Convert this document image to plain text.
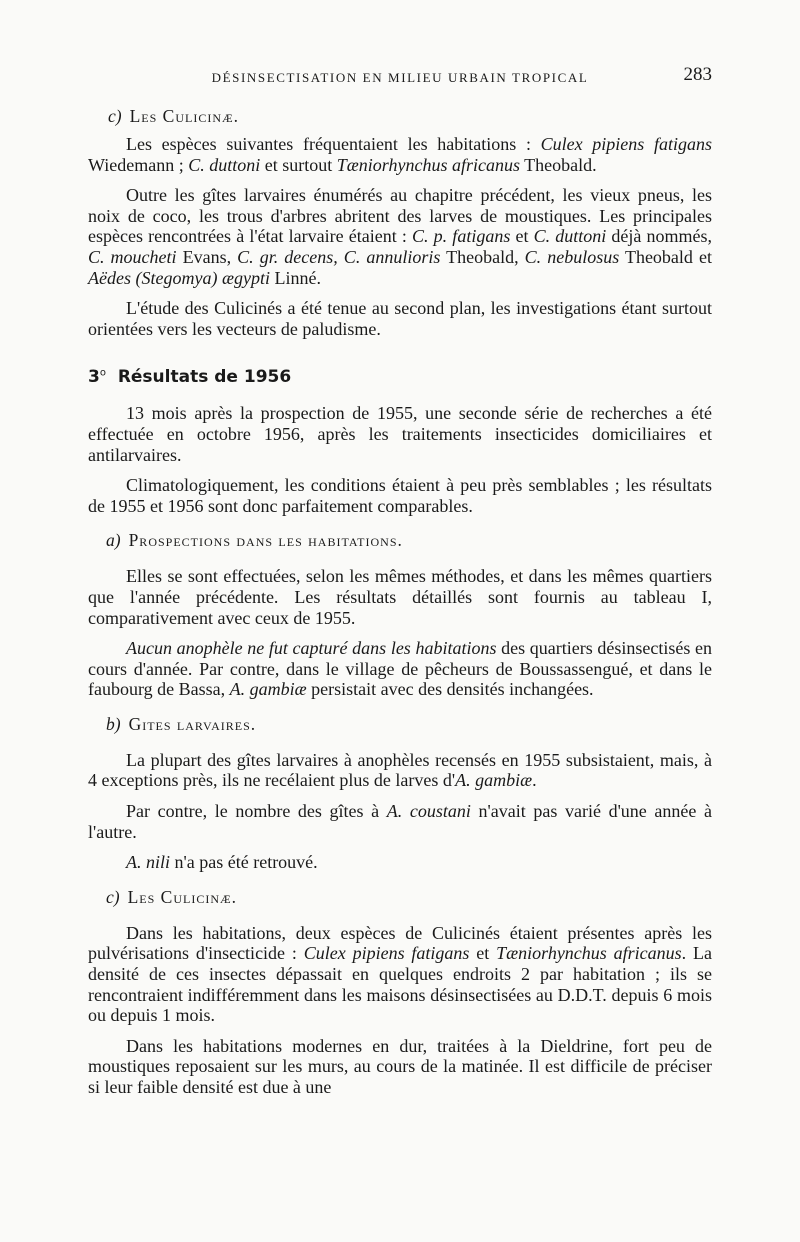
DÉSINSECTISATION EN MILIEU URBAIN TROPICAL	283
c) Les Culicinæ.

Les espèces suivantes fréquentaient les habitations : Culex pipiens fatigans Wiedemann ; C. duttoni et surtout Tæniorhynchus africanus Theobald.

Outre les gîtes larvaires énumérés au chapitre précédent, les vieux pneus, les noix de coco, les trous d'arbres abritent des larves de moustiques. Les principales espèces rencontrées à l'état larvaire étaient : C. p. fatigans et C. duttoni déjà nommés, C. moucheti Evans, C. gr. decens, C. annulioris Theobald, C. nebulosus Theobald et Aëdes (Stegomya) ægypti Linné.

L'étude des Culicinés a été tenue au second plan, les investigations étant surtout orientées vers les vecteurs de paludisme.

3$^o$ Résultats de 1956

13 mois après la prospection de 1955, une seconde série de recherches a été effectuée en octobre 1956, après les traitements insecticides domiciliaires et antilarvaires.

Climatologiquement, les conditions étaient à peu près semblables ; les résultats de 1955 et 1956 sont donc parfaitement comparables.

a) Prospections dans les habitations.

Elles se sont effectuées, selon les mêmes méthodes, et dans les mêmes quartiers que l'année précédente. Les résultats détaillés sont fournis au tableau I, comparativement avec ceux de 1955.

Aucun anophèle ne fut capturé dans les habitations des quartiers désinsectisés en cours d'année. Par contre, dans le village de pêcheurs de Boussassengué, et dans le faubourg de Bassa, A. gambiæ persistait avec des densités inchangées.

b) Gites larvaires.

La plupart des gîtes larvaires à anophèles recensés en 1955 subsistaient, mais, à 4 exceptions près, ils ne recélaient plus de larves d'A. gambiæ.

Par contre, le nombre des gîtes à A. coustani n'avait pas varié d'une année à l'autre.

A. nili n'a pas été retrouvé.

c) Les Culicinæ.

Dans les habitations, deux espèces de Culicinés étaient présentes après les pulvérisations d'insecticide : Culex pipiens fatigans et Tæniorhynchus africanus. La densité de ces insectes dépassait en quelques endroits 2 par habitation ; ils se rencontraient indifféremment dans les maisons désinsectisées au D.D.T. depuis 6 mois ou depuis 1 mois.

Dans les habitations modernes en dur, traitées à la Dieldrine, fort peu de moustiques reposaient sur les murs, au cours de la matinée. Il est difficile de préciser si leur faible densité est due à une
